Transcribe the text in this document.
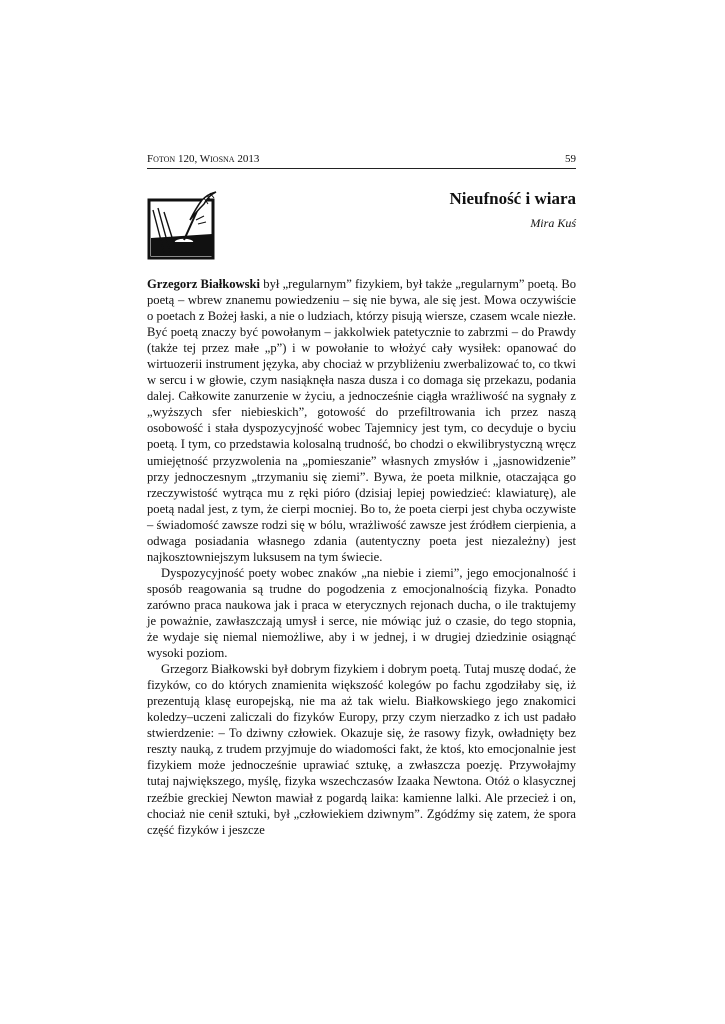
Foton 120, Wiosna 2013	59
Nieufność i wiara
Mira Kuś

Grzegorz Białkowski był „regularnym” fizykiem, był także „regularnym” poetą. Bo poetą – wbrew znanemu powiedzeniu – się nie bywa, ale się jest. Mowa oczywiście o poetach z Bożej łaski, a nie o ludziach, którzy pisują wiersze, czasem wcale niezłe. Być poetą znaczy być powołanym – jakkolwiek patetycznie to zabrzmi – do Prawdy (także tej przez małe „p”) i w powołanie to włożyć cały wysiłek: opanować do wirtuozerii instrument języka, aby chociaż w przybliżeniu zwerbalizować to, co tkwi w sercu i w głowie, czym nasiąknęła nasza dusza i co domaga się przekazu, podania dalej. Całkowite zanurzenie w życiu, a jednocześnie ciągła wrażliwość na sygnały z „wyższych sfer niebieskich”, gotowość do przefiltrowania ich przez naszą osobowość i stała dyspozycyjność wobec Tajemnicy jest tym, co decyduje o byciu poetą. I tym, co przedstawia kolosalną trudność, bo chodzi o ekwilibrystyczną wręcz umiejętność przyzwolenia na „pomieszanie” własnych zmysłów i „jasnowidzenie” przy jednoczesnym „trzymaniu się ziemi”. Bywa, że poeta milknie, otaczająca go rzeczywistość wytrąca mu z ręki pióro (dzisiaj lepiej powiedzieć: klawiaturę), ale poetą nadal jest, z tym, że cierpi mocniej. Bo to, że poeta cierpi jest chyba oczywiste – świadomość zawsze rodzi się w bólu, wrażliwość zawsze jest źródłem cierpienia, a odwaga posiadania własnego zdania (autentyczny poeta jest niezależny) jest najkosztowniejszym luksusem na tym świecie.

Dyspozycyjność poety wobec znaków „na niebie i ziemi”, jego emocjonalność i sposób reagowania są trudne do pogodzenia z emocjonalnością fizyka. Ponadto zarówno praca naukowa jak i praca w eterycznych rejonach ducha, o ile traktujemy je poważnie, zawłaszczają umysł i serce, nie mówiąc już o czasie, do tego stopnia, że wydaje się niemal niemożliwe, aby i w jednej, i w drugiej dziedzinie osiągnąć wysoki poziom.

Grzegorz Białkowski był dobrym fizykiem i dobrym poetą. Tutaj muszę dodać, że fizyków, co do których znamienita większość kolegów po fachu zgodziłaby się, iż prezentują klasę europejską, nie ma aż tak wielu. Białkowskiego jego znakomici koledzy–uczeni zaliczali do fizyków Europy, przy czym nierzadko z ich ust padało stwierdzenie: – To dziwny człowiek. Okazuje się, że rasowy fizyk, owładnięty bez reszty nauką, z trudem przyjmuje do wiadomości fakt, że ktoś, kto emocjonalnie jest fizykiem może jednocześnie uprawiać sztukę, a zwłaszcza poezję. Przywołajmy tutaj największego, myślę, fizyka wszechczasów Izaaka Newtona. Otóż o klasycznej rzeźbie greckiej Newton mawiał z pogardą laika: kamienne lalki. Ale przecież i on, chociaż nie cenił sztuki, był „człowiekiem dziwnym”. Zgódźmy się zatem, że spora część fizyków i jeszcze
